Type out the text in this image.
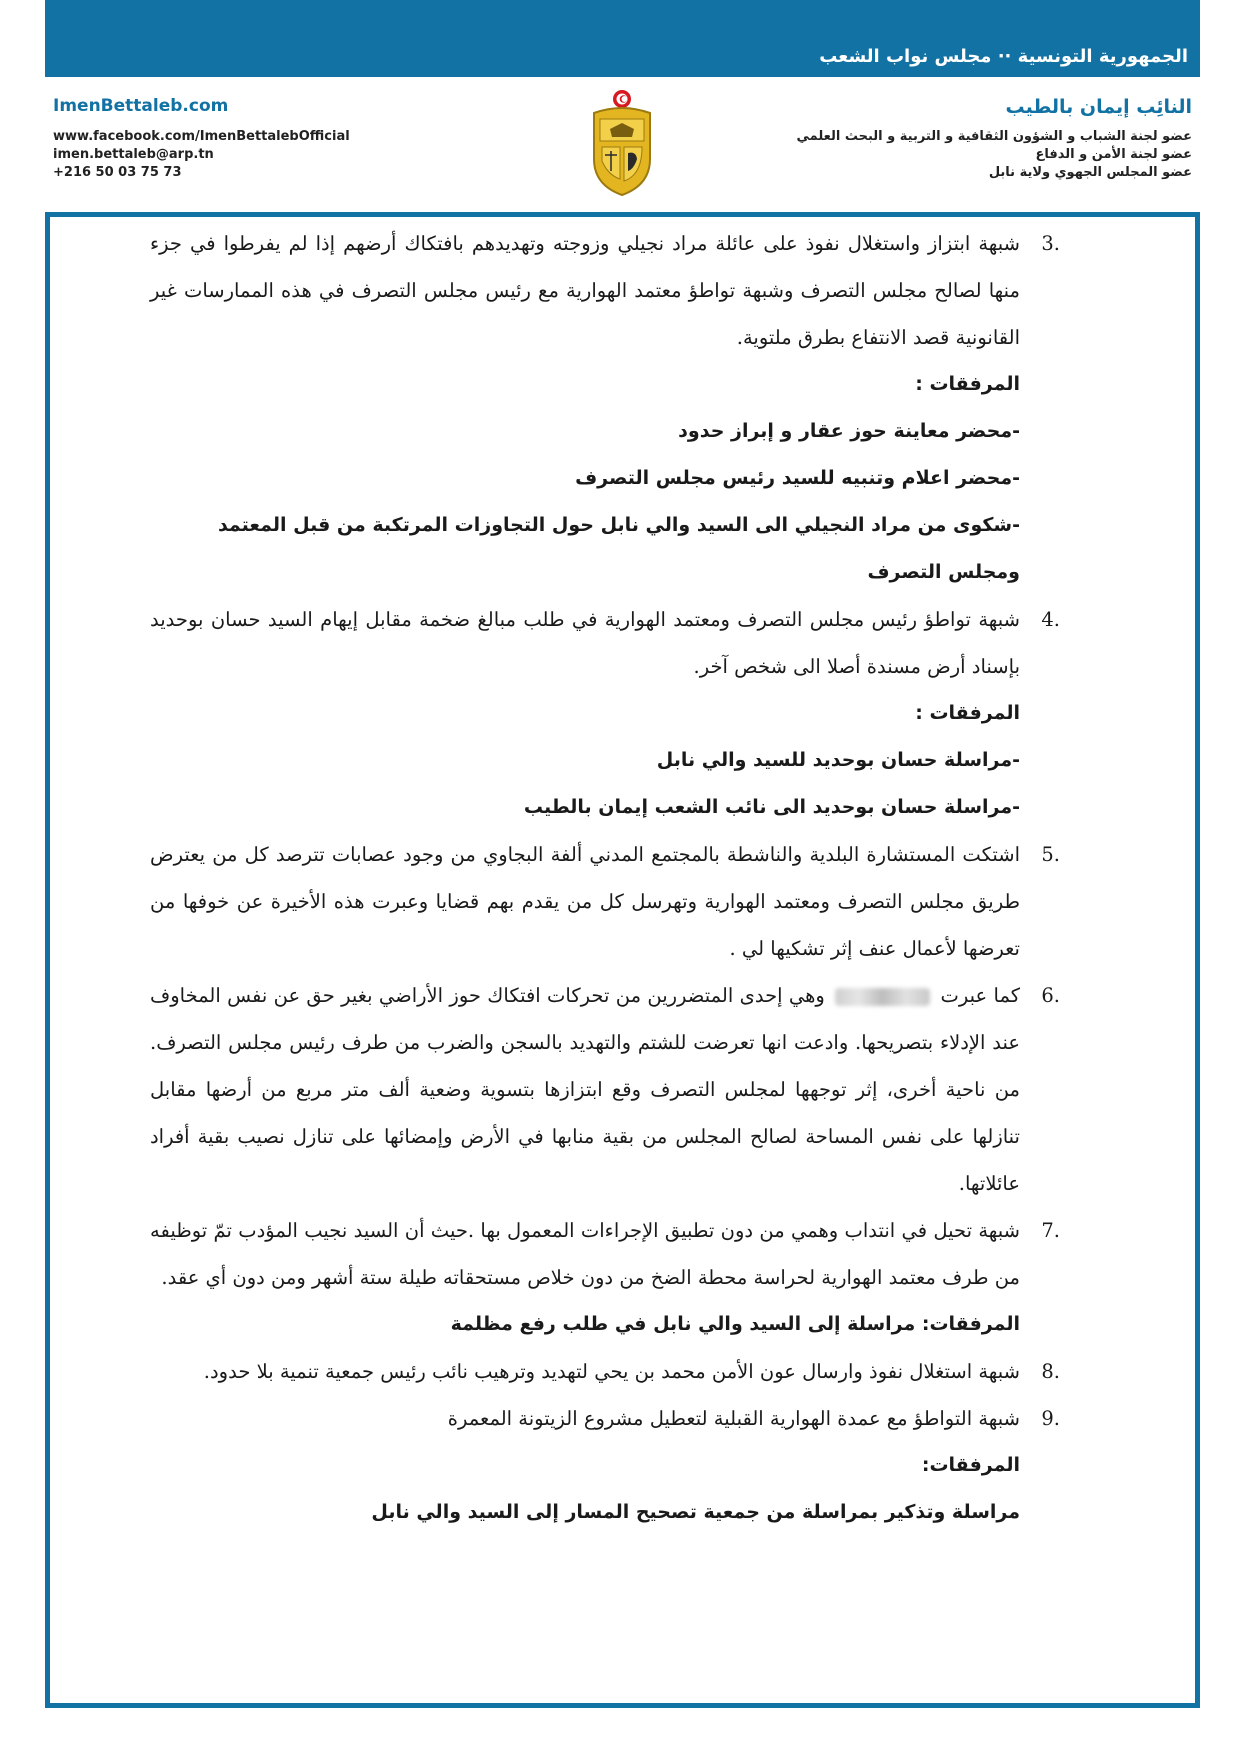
الجمهورية التونسية ⋅⋅ مجلس نواب الشعب
ImenBettaleb.com
www.facebook.com/ImenBettalebOfficial
imen.bettaleb@arp.tn
+216 50 03 75 73
النائِب إيمان بالطيب
عضو لجنة الشباب و الشؤون الثقافية و التربية و البحث العلمي
عضو لجنة الأمن و الدفاع
عضو المجلس الجهوي ولاية نابل
3.
شبهة ابتزاز واستغلال نفوذ على عائلة مراد نجيلي وزوجته وتهديدهم بافتكاك أرضهم إذا لم يفرطوا في جزء منها لصالح مجلس التصرف وشبهة تواطؤ معتمد الهوارية مع رئيس مجلس التصرف في هذه الممارسات غير القانونية قصد الانتفاع بطرق ملتوية.
المرفقات :
-محضر معاينة حوز عقار و إبراز حدود
-محضر اعلام وتنبيه للسيد رئيس مجلس التصرف
-شكوى من مراد النجيلي الى السيد والي نابل حول التجاوزات المرتكبة من قبل المعتمد ومجلس التصرف
4.
شبهة تواطؤ رئيس مجلس التصرف ومعتمد الهوارية في طلب مبالغ ضخمة مقابل إيهام السيد حسان بوحديد بإسناد أرض مسندة أصلا الى شخص آخر.
المرفقات :
-مراسلة حسان بوحديد للسيد والي نابل
-مراسلة حسان بوحديد الى نائب الشعب إيمان بالطيب
5.
اشتكت المستشارة البلدية والناشطة بالمجتمع المدني ألفة البجاوي من وجود عصابات تترصد كل من يعترض طريق مجلس التصرف ومعتمد الهوارية وتهرسل كل من يقدم بهم قضايا وعبرت هذه الأخيرة عن خوفها من تعرضها لأعمال عنف إثر تشكيها لي .
6.
كما عبرت  وهي إحدى المتضررين من تحركات افتكاك حوز الأراضي بغير حق عن نفس المخاوف عند الإدلاء بتصريحها. وادعت انها تعرضت للشتم والتهديد بالسجن والضرب من طرف رئيس مجلس التصرف. من ناحية أخرى، إثر توجهها لمجلس التصرف وقع ابتزازها بتسوية وضعية ألف متر مربع من أرضها مقابل تنازلها على نفس المساحة لصالح المجلس من بقية منابها في الأرض وإمضائها على تنازل نصيب بقية أفراد عائلاتها.
7.
شبهة تحيل في انتداب وهمي من دون تطبيق الإجراءات المعمول بها .حيث أن السيد نجيب المؤدب تمّ توظيفه من طرف معتمد الهوارية لحراسة محطة الضخ من دون خلاص مستحقاته طيلة ستة أشهر ومن دون أي عقد.
المرفقات: مراسلة إلى السيد والي نابل في طلب رفع مظلمة
8.
شبهة استغلال نفوذ وارسال عون الأمن محمد بن يحي لتهديد وترهيب نائب رئيس جمعية تنمية بلا حدود.
9.
شبهة التواطؤ مع عمدة الهوارية القبلية لتعطيل مشروع الزيتونة المعمرة
المرفقات:
مراسلة وتذكير بمراسلة من جمعية تصحيح المسار إلى السيد والي نابل
